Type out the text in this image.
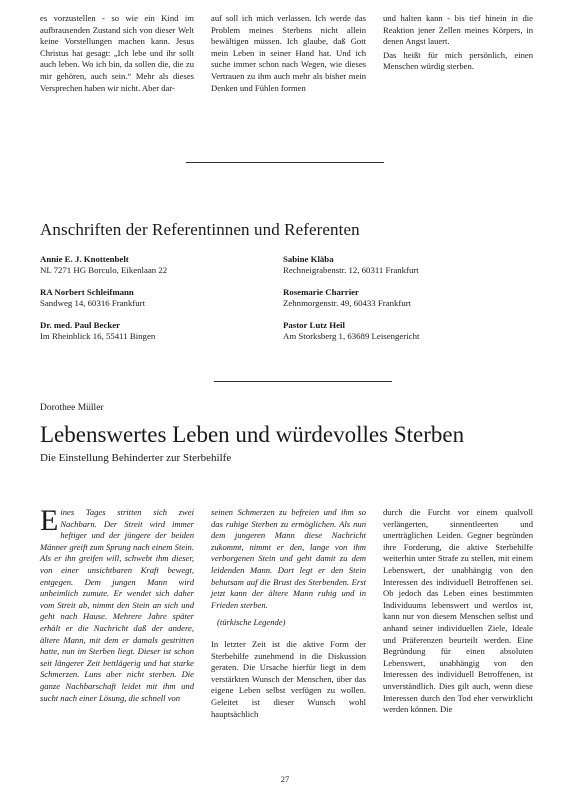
es vorzustellen - so wie ein Kind im aufbrausenden Zustand sich von dieser Welt keine Vorstellungen machen kann. Jesus Christus hat gesagt: „Ich lebe und ihr sollt auch leben. Wo ich bin, da sollen die, die zu mir gehören, auch sein.“ Mehr als dieses Versprechen haben wir nicht. Aber dar-

auf soll ich mich verlassen. Ich werde das Problem meines Sterbens nicht allein bewältigen müssen. Ich glaube, daß Gott mein Leben in seiner Hand hat. Und ich suche immer schon nach Wegen, wie dieses Vertrauen zu ihm auch mehr als bisher mein Denken und Fühlen formen

und halten kann - bis tief hinein in die Reaktion jener Zellen meines Körpers, in denen Angst lauert.

Das heißt für mich persönlich, einen Menschen würdig sterben.

Anschriften der Referentinnen und Referenten
Annie E. J. Knottenbelt
NL 7271 HG Borculo, Eikenlaan 22
Sabine Kläba
Rechneigrabenstr. 12, 60311 Frankfurt
RA Norbert Schleifmann
Sandweg 14, 60316 Frankfurt
Rosemarie Charrier
Zehnmorgenstr. 49, 60433 Frankfurt
Dr. med. Paul Becker
Im Rheinblick 16, 55411 Bingen
Pastor Lutz Heil
Am Storksberg 1, 63689 Leisengericht
Dorothee Müller
Lebenswertes Leben und würdevolles Sterben
Die Einstellung Behinderter zur Sterbehilfe

Eines Tages stritten sich zwei Nachbarn. Der Streit wird immer heftiger und der jüngere der beiden Männer greift zum Sprung nach einem Stein. Als er ihn greifen will, schwebt ihm dieser, von einer unsichtbaren Kraft bewegt, entgegen. Dem jungen Mann wird unheimlich zumute. Er wendet sich daher vom Streit ab, nimmt den Stein an sich und geht nach Hause. Mehrere Jahre später erhält er die Nachricht daß der andere, ältere Mann, mit dem er damals gestritten hatte, nun im Sterben liegt. Dieser ist schon seit längerer Zeit bettlägerig und hat starke Schmerzen. Luns aber nicht sterben. Die ganze Nachbarschaft leidet mit ihm und sucht nach einer Lösung, die schnell von

seinen Schmerzen zu befreien und ihm so das ruhige Sterben zu ermöglichen. Als nun dem jungeren Mann diese Nachricht zukommt, nimmt er den, lange von ihm verborgenen Stein und geht damit zu dem leidenden Mann. Dort legt er den Stein behutsam auf die Brust des Sterbenden. Erst jetzt kann der ältere Mann ruhig und in Frieden sterben.

(türkische Legende)

In letzter Zeit ist die aktive Form der Sterbehilfe zunehmend in die Diskussion geraten. Die Ursache hierfür liegt in dem verstärkten Wunsch der Menschen, über das eigene Leben selbst verfügen zu wollen. Geleitet ist dieser Wunsch wohl hauptsächlich

durch die Furcht vor einem qualvoll verlängerten, sinnentleerten und unerträglichen Leiden. Gegner begründen ihre Forderung, die aktive Sterbehilfe weiterhin unter Strafe zu stellen, mit einem Lebenswert, der unabhängig von den Interessen des individuell Betroffenen sei. Ob jedoch das Leben eines bestimmten Individuums lebenswert und wertlos ist, kann nur von diesem Menschen selbst und anhand seiner individuellen Ziele, Ideale und Präferenzen beurteilt werden. Eine Begründung für einen absoluten Lebenswert, unabhängig von den Interessen des individuell Betroffenen, ist unverständlich. Dies gilt auch, wenn diese Interessen durch den Tod eher verwirklicht werden können. Die

27
